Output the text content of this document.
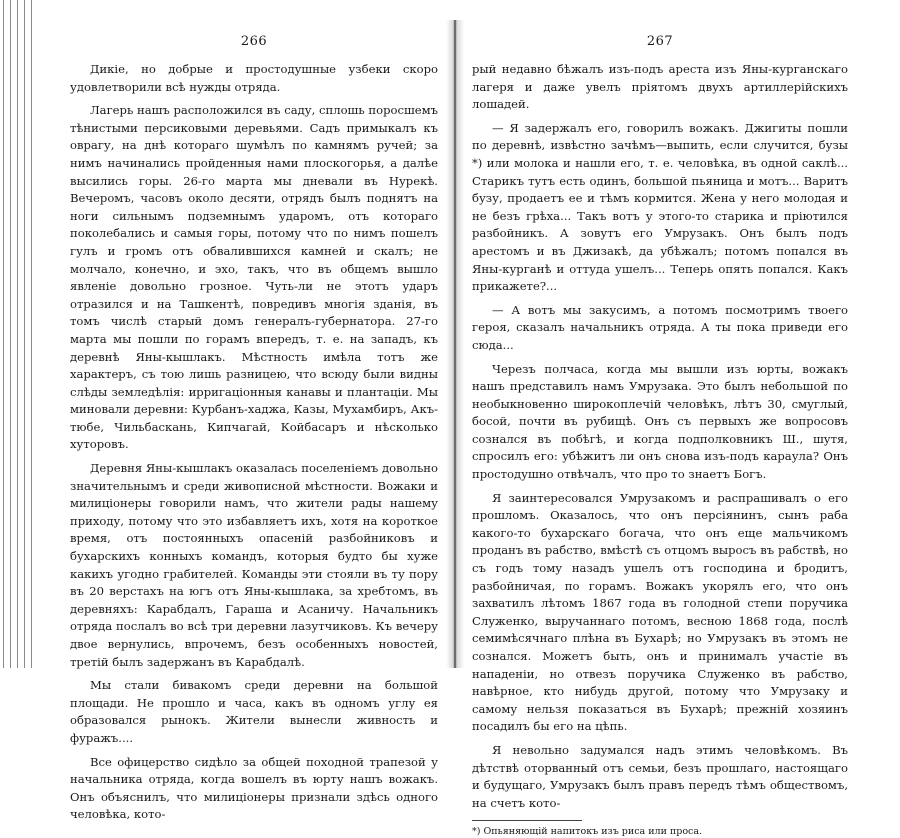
266

Дикіе, но добрые и простодушные узбеки скоро удовлетворили всѣ нужды отряда.

Лагерь нашъ расположился въ саду, сплошь поросшемъ тѣнистыми персиковыми деревьями. Садъ примыкалъ къ оврагу, на днѣ котораго шумѣлъ по камнямъ ручей; за нимъ начинались пройденныя нами плоскогорья, а далѣе высились горы. 26-го марта мы дневали въ Нурекѣ. Вечеромъ, часовъ около десяти, отрядъ былъ поднятъ на ноги сильнымъ подземнымъ ударомъ, отъ котораго поколебались и самыя горы, потому что по нимъ пошелъ гулъ и громъ отъ обвалившихся камней и скалъ; не молчало, конечно, и эхо, такъ, что въ общемъ вышло явленіе довольно грозное. Чуть-ли не этотъ ударъ отразился и на Ташкентѣ, повредивъ многія зданія, въ томъ числѣ старый домъ генералъ-губернатора. 27-го марта мы пошли по горамъ впередъ, т. е. на западъ, къ деревнѣ Яны-кышлакъ. Мѣстность имѣла тотъ же характеръ, съ тою лишь разницею, что всюду были видны слѣды земледѣлія: ирригаціонныя канавы и плантаціи. Мы миновали деревни: Курбанъ-хаджа, Казы, Мухамбиръ, Акъ-тюбе, Чильбаскань, Кипчагай, Койбасаръ и нѣсколько хуторовъ.

Деревня Яны-кышлакъ оказалась поселеніемъ довольно значительнымъ и среди живописной мѣстности. Вожаки и милиціонеры говорили намъ, что жители рады нашему приходу, потому что это избавляетъ ихъ, хотя на короткое время, отъ постоянныхъ опасеній разбойниковъ и бухарскихъ конныхъ командъ, которыя будто бы хуже какихъ угодно грабителей. Команды эти стояли въ ту пору въ 20 верстахъ на югъ отъ Яны-кышлака, за хребтомъ, въ деревняхъ: Карабдалъ, Гараша и Асаничу. Начальникъ отряда послалъ во всѣ три деревни лазутчиковъ. Къ вечеру двое вернулись, впрочемъ, безъ особенныхъ новостей, третій былъ задержанъ въ Карабдалѣ.

Мы стали бивакомъ среди деревни на большой площади. Не прошло и часа, какъ въ одномъ углу ея образовался рынокъ. Жители вынесли живность и фуражъ....

Все офицерство сидѣло за общей походной трапезой у начальника отряда, когда вошелъ въ юрту нашъ вожакъ. Онъ объяснилъ, что милиціонеры признали здѣсь одного человѣка, кото-

267

рый недавно бѣжалъ изъ-подъ ареста изъ Яны-курганскаго лагеря и даже увелъ пріятомъ двухъ артиллерійскихъ лошадей.

— Я задержалъ его, говорилъ вожакъ. Джигиты пошли по деревнѣ, извѣстно зачѣмъ—выпить, если случится, бузы *) или молока и нашли его, т. е. человѣка, въ одной саклѣ... Старикъ тутъ есть одинъ, большой пьяница и мотъ... Варитъ бузу, продаетъ ее и тѣмъ кормится. Жена у него молодая и не безъ грѣха... Такъ вотъ у этого-то старика и пріютился разбойникъ. А зовутъ его Умрузакъ. Онъ былъ подъ арестомъ и въ Джизакѣ, да убѣжалъ; потомъ попался въ Яны-курганѣ и оттуда ушелъ... Теперь опять попался. Какъ прикажете?...

— А вотъ мы закусимъ, а потомъ посмотримъ твоего героя, сказалъ начальникъ отряда. А ты пока приведи его сюда...

Черезъ полчаса, когда мы вышли изъ юрты, вожакъ нашъ представилъ намъ Умрузака. Это былъ небольшой по необыкновенно широкоплечій человѣкъ, лѣтъ 30, смуглый, босой, почти въ рубищѣ. Онъ съ первыхъ же вопросовъ сознался въ побѣгѣ, и когда подполковникъ Ш., шутя, спросилъ его: убѣжитъ ли онъ снова изъ-подъ караула? Онъ простодушно отвѣчалъ, что про то знаетъ Богъ.

Я заинтересовался Умрузакомъ и распрашивалъ о его прошломъ. Оказалось, что онъ персіянинъ, сынъ раба какого-то бухарскаго богача, что онъ еще мальчикомъ проданъ въ рабство, вмѣстѣ съ отцомъ выросъ въ рабствѣ, но съ годъ тому назадъ ушелъ отъ господина и бродитъ, разбойничая, по горамъ. Вожакъ укорялъ его, что онъ захватилъ лѣтомъ 1867 года въ голодной степи поручика Служенко, выручаннаго потомъ, весною 1868 года, послѣ семимѣсячнаго плѣна въ Бухарѣ; но Умрузакъ въ этомъ не сознался. Можетъ быть, онъ и принималъ участіе въ нападеніи, но отвезъ поручика Служенко въ рабство, навѣрное, кто нибудь другой, потому что Умрузаку и самому нельзя показаться въ Бухарѣ; прежній хозяинъ посадилъ бы его на цѣпь.

Я невольно задумался надъ этимъ человѣкомъ. Въ дѣтствѣ оторванный отъ семьи, безъ прошлаго, настоящаго и будущаго, Умрузакъ былъ правъ передъ тѣмъ обществомъ, на счетъ кото-

*) Опьяняющій напитокъ изъ риса или проса.
